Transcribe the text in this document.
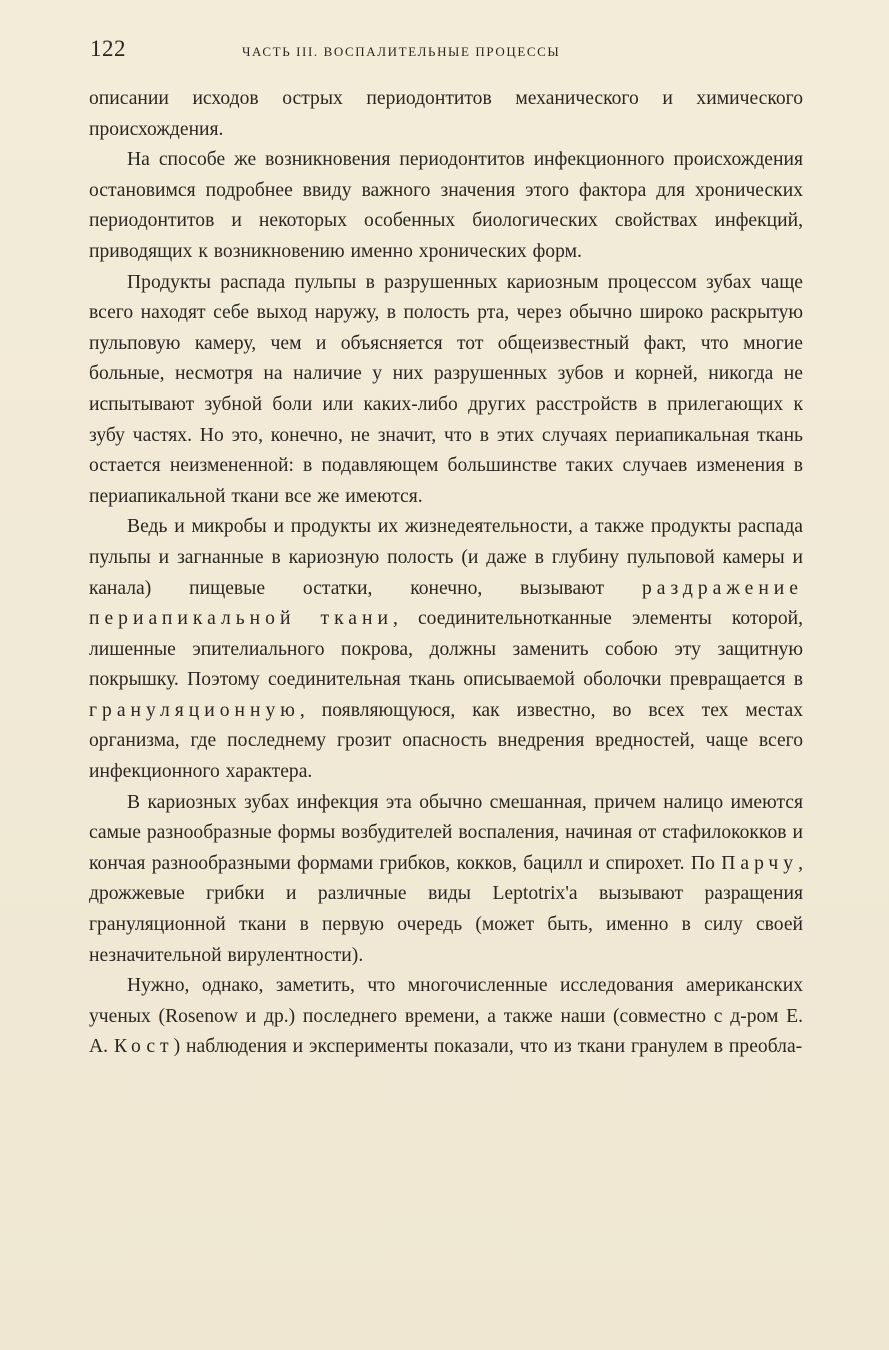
122	ЧАСТЬ III. ВОСПАЛИТЕЛЬНЫЕ ПРОЦЕССЫ

описании исходов острых периодонтитов механического и химического происхождения.

На способе же возникновения периодонтитов инфекционного происхождения остановимся подробнее ввиду важного значения этого фактора для хронических периодонтитов и некоторых особенных биологических свойствах инфекций, приводящих к возникновению именно хронических форм.

Продукты распада пульпы в разрушенных кариозным процессом зубах чаще всего находят себе выход наружу, в полость рта, через обычно широко раскрытую пульповую камеру, чем и объясняется тот общеизвестный факт, что многие больные, несмотря на наличие у них разрушенных зубов и корней, никогда не испытывают зубной боли или каких-либо других расстройств в прилегающих к зубу частях. Но это, конечно, не значит, что в этих случаях периапикальная ткань остается неизмененной: в подавляющем большинстве таких случаев изменения в периапикальной ткани все же имеются.

Ведь и микробы и продукты их жизнедеятельности, а также продукты распада пульпы и загнанные в кариозную полость (и даже в глубину пульповой камеры и канала) пищевые остатки, конечно, вызывают раздражение периапикальной ткани, соединительнотканные элементы которой, лишенные эпителиального покрова, должны заменить собою эту защитную покрышку. Поэтому соединительная ткань описываемой оболочки превращается в грануляционную, появляющуюся, как известно, во всех тех местах организма, где последнему грозит опасность внедрения вредностей, чаще всего инфекционного характера.

В кариозных зубах инфекция эта обычно смешанная, причем налицо имеются самые разнообразные формы возбудителей воспаления, начиная от стафилококков и кончая разнообразными формами грибков, кокков, бацилл и спирохет. По Парчу, дрожжевые грибки и различные виды Leptotrix'a вызывают разращения грануляционной ткани в первую очередь (может быть, именно в силу своей незначительной вирулентности).

Нужно, однако, заметить, что многочисленные исследования американских ученых (Rosenow и др.) последнего времени, а также наши (совместно с д-ром Е. А. Кост) наблюдения и эксперименты показали, что из ткани гранулем в преобла-
